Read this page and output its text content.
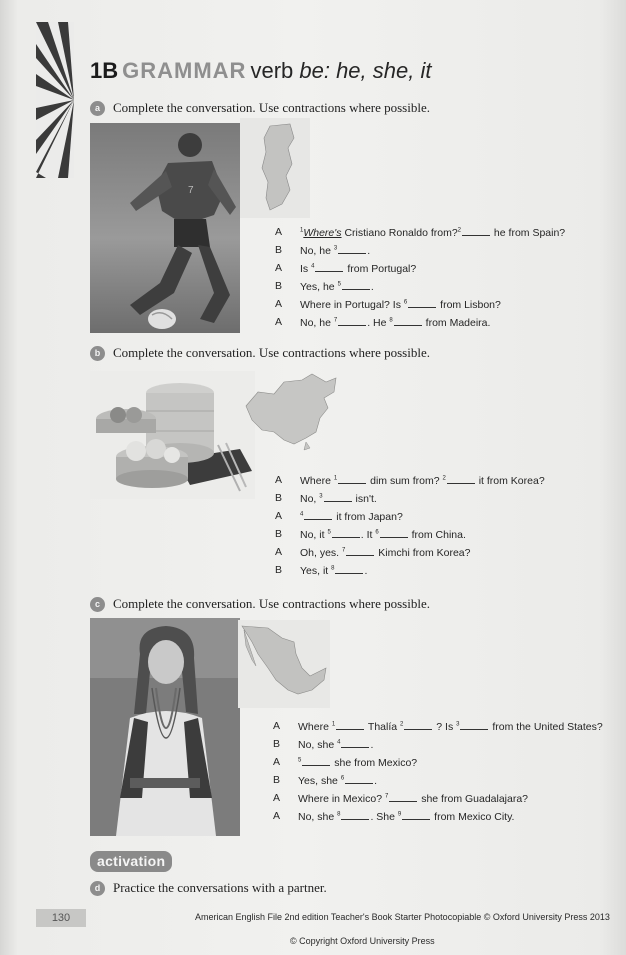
1B GRAMMAR verb be: he, she, it
a	Complete the conversation. Use contractions where possible.
7
A	$^1$Where's Cristiano Ronaldo from?$^2$	he from Spain?
B	No, he $^3$	.
A	Is $^4$	from Portugal?
B	Yes, he $^5$	.
A	Where in Portugal? Is $^6$	from Lisbon?
A	No, he $^7$	. He $^8$	from Madeira.
b Complete the conversation. Use contractions where possible.
A	Where $^1$	dim sum from? $^2$	it from Korea?
B	No, $^3$	isn't.
A	$^4$	it from Japan?
B	No, it $^5$	. It $^6$	from China.
A	Oh, yes. $^7$	Kimchi from Korea?
B	Yes, it $^8$	.
c	Complete the conversation. Use contractions where possible.
A	Where $^1$	Thalía $^2$	? Is $^3$	from the United States?
B	No, she $^4$	.
A	$^5$	she from Mexico?
B	Yes, she $^6$	.
A	Where in Mexico? $^7$	she from Guadalajara?
A	No, she $^8$	. She $^9$	from Mexico City.
activation
d Practice the conversations with a partner.
130	American English File 2nd edition Teacher's Book Starter Photocopiable © Oxford University Press 2013
© Copyright Oxford University Press
